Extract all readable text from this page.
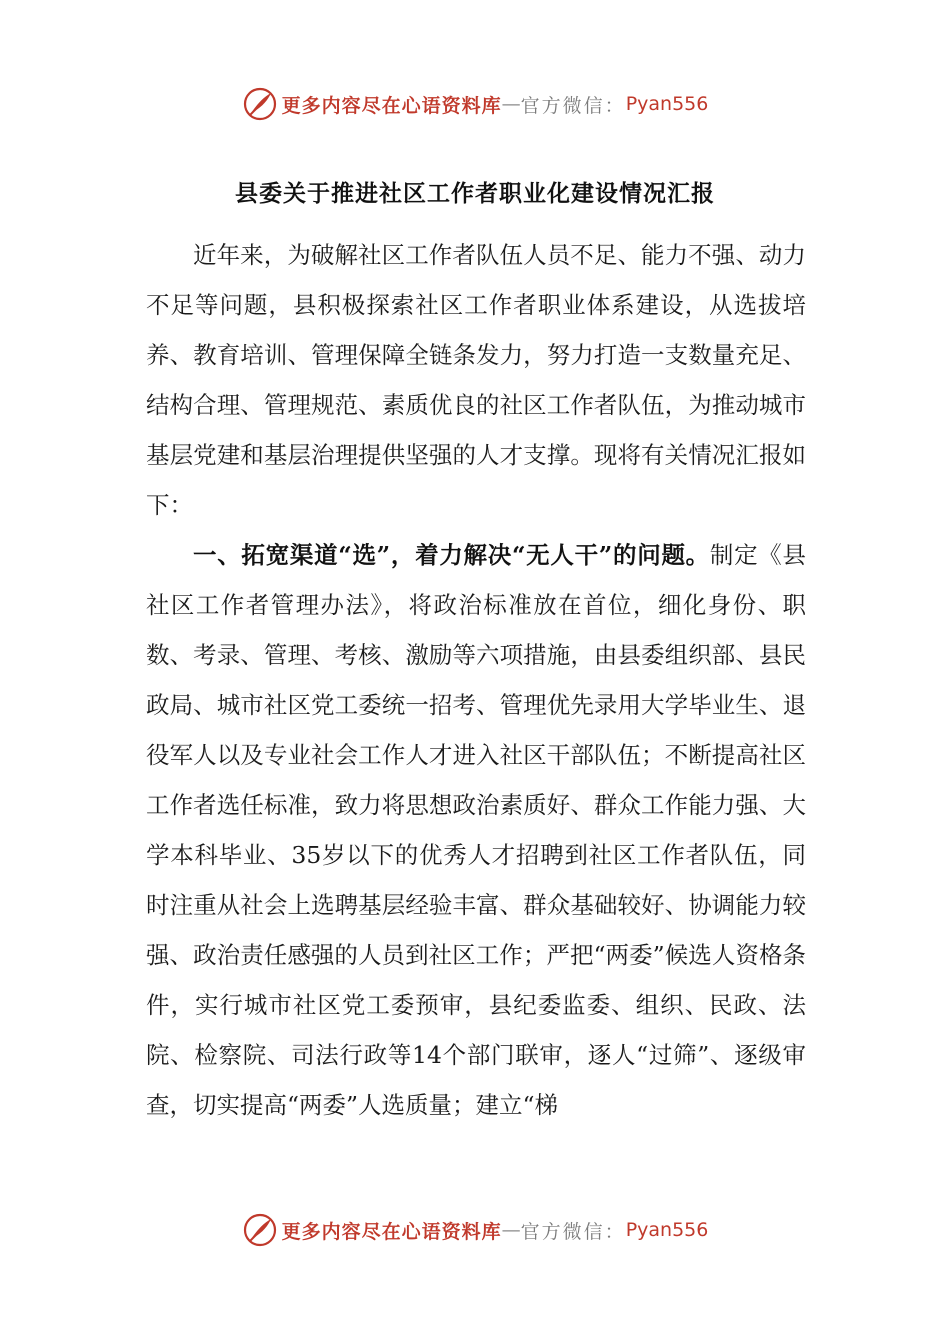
更多内容尽在心语资料库 — 官方微信： Pyan556
县委关于推进社区工作者职业化建设情况汇报

近年来，为破解社区工作者队伍人员不足、能力不强、动力不足等问题，县积极探索社区工作者职业体系建设，从选拔培养、教育培训、管理保障全链条发力，努力打造一支数量充足、结构合理、管理规范、素质优良的社区工作者队伍，为推动城市基层党建和基层治理提供坚强的人才支撑。现将有关情况汇报如下：

一、拓宽渠道“选”，着力解决“无人干”的问题。制定《县社区工作者管理办法》，将政治标准放在首位，细化身份、职数、考录、管理、考核、激励等六项措施，由县委组织部、县民政局、城市社区党工委统一招考、管理优先录用大学毕业生、退役军人以及专业社会工作人才进入社区干部队伍；不断提高社区工作者选任标准，致力将思想政治素质好、群众工作能力强、大学本科毕业、35岁以下的优秀人才招聘到社区工作者队伍，同时注重从社会上选聘基层经验丰富、群众基础较好、协调能力较强、政治责任感强的人员到社区工作；严把“两委”候选人资格条件，实行城市社区党工委预审，县纪委监委、组织、民政、法院、检察院、司法行政等14个部门联审，逐人“过筛”、逐级审查，切实提高“两委”人选质量；建立“梯

更多内容尽在心语资料库 — 官方微信： Pyan556
